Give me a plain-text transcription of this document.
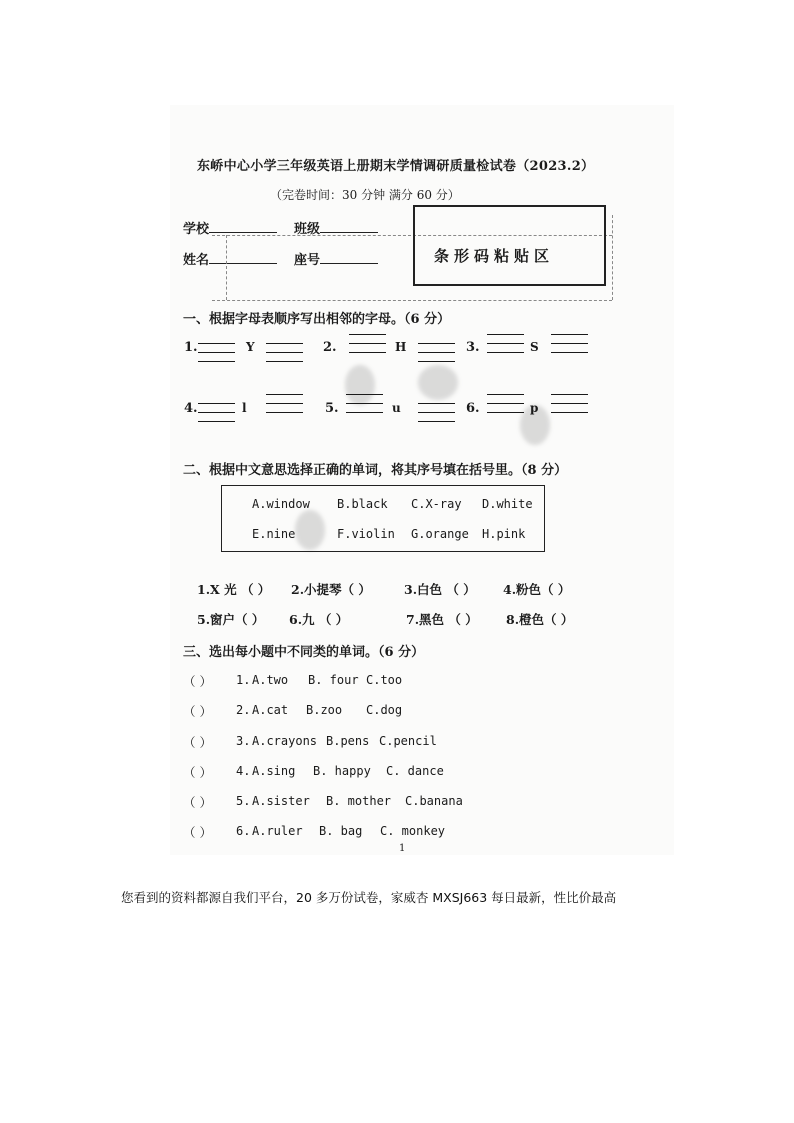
东峤中心小学三年级英语上册期末学情调研质量检试卷（2023.2）
（完卷时间：30 分钟 满分 60 分）
学校	班级
姓名	座号	条形码粘贴区
一、根据字母表顺序写出相邻的字母。（6 分）
1.	Y	2.	H	3.	S
4.	l	5.	u	6.	p
二、根据中文意思选择正确的单词，将其序号填在括号里。（8 分）
A.window B.black C.X-ray D.white
E.nine	F.violin G.orange H.pink
1.X 光 （ ） 2.小提琴（ ）	3.白色 （ ） 4.粉色（ ）
5.窗户（ ） 6.九 （ ）	7.黑色 （ ） 8.橙色（ ）
三、选出每小题中不同类的单词。（6 分）
（ ） 1. A.two B. four C.too
（ ） 2. A.cat B.zoo C.dog
（ ） 3. A.crayons B.pens C.pencil
（ ） 4. A.sing B. happy C. dance
（ ） 5. A.sister B. mother C.banana
（ ） 6. A.ruler B. bag C. monkey
1
您看到的资料都源自我们平台，20 多万份试卷，家威杏 MXSJ663 每日最新，性比价最高
